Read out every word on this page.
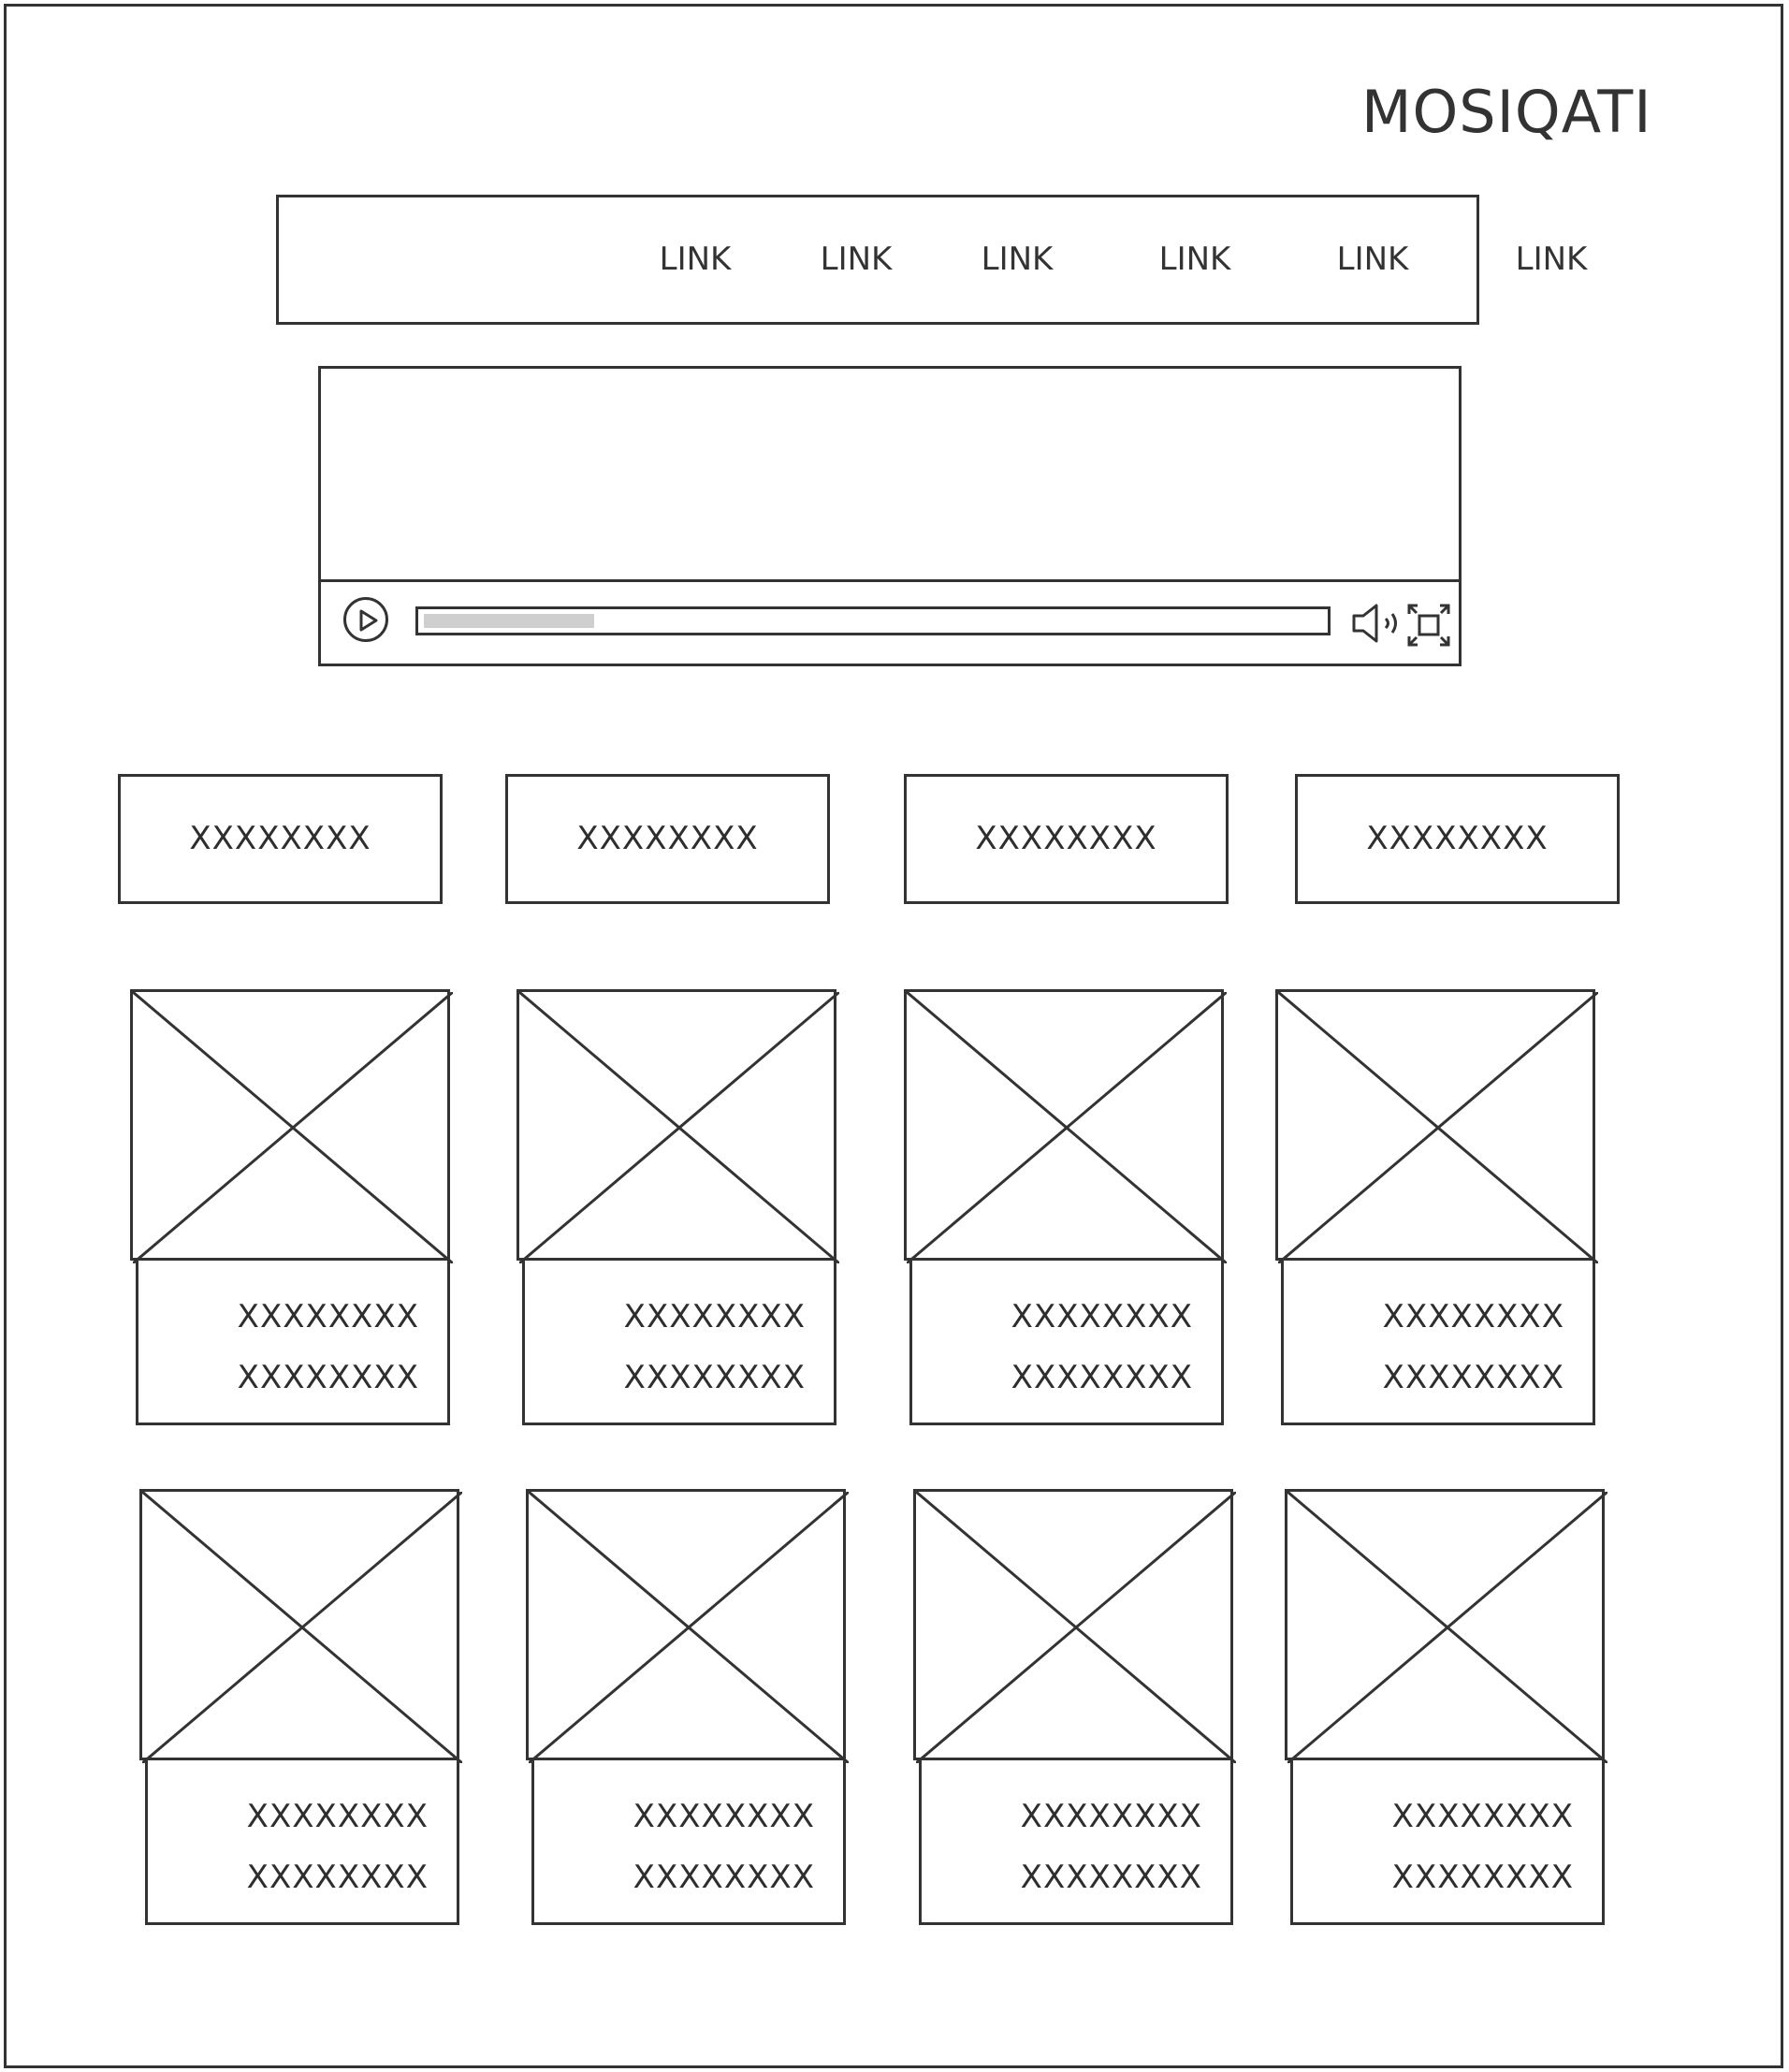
MOSIQATI
LINK	LINK	LINK	LINK	LINK	LINK
XXXXXXXX	XXXXXXXX	XXXXXXXX	XXXXXXXX
XXXXXXXX
XXXXXXXX
XXXXXXXX
XXXXXXXX
XXXXXXXX
XXXXXXXX
XXXXXXXX
XXXXXXXX
XXXXXXXX
XXXXXXXX
XXXXXXXX
XXXXXXXX
XXXXXXXX
XXXXXXXX
XXXXXXXX
XXXXXXXX
